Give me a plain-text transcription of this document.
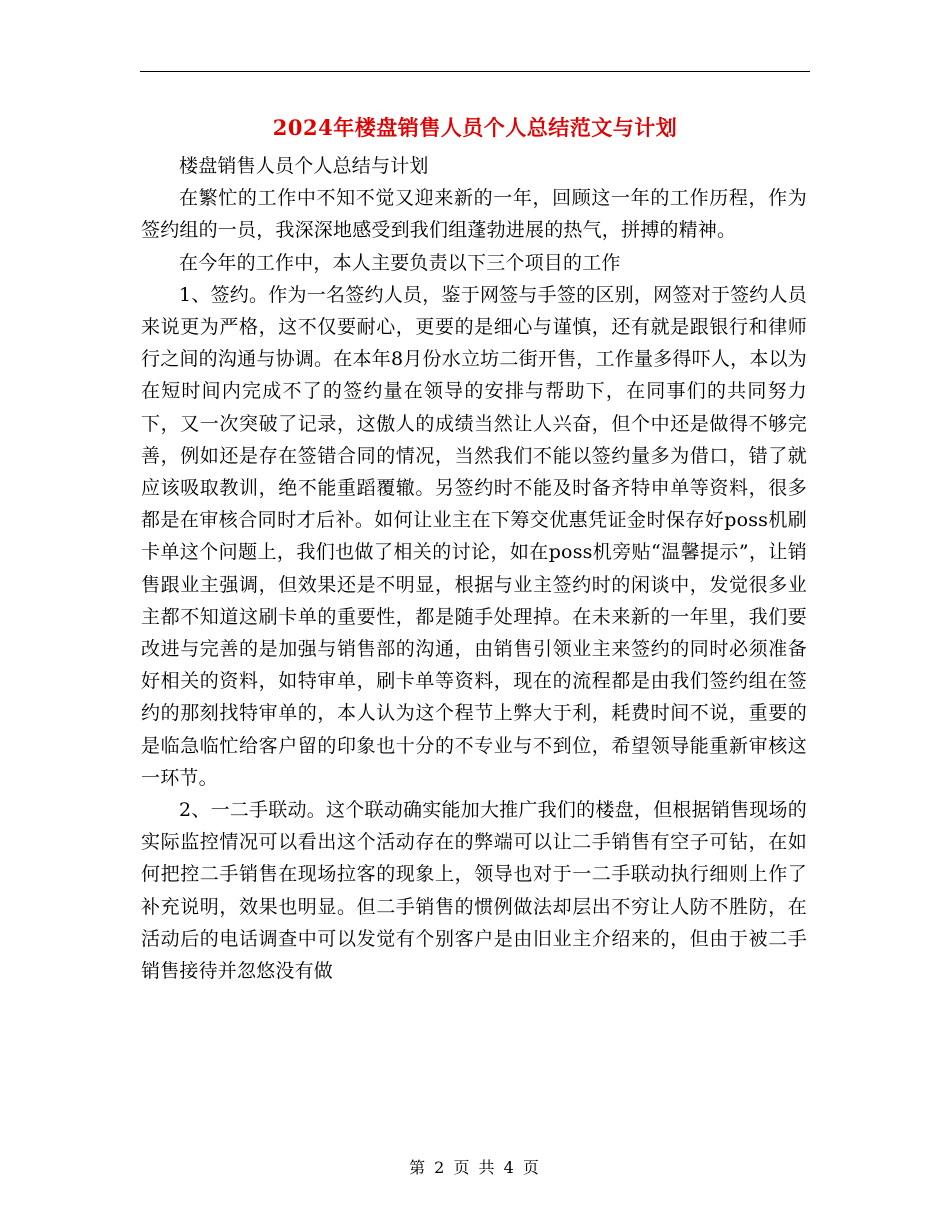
2024年楼盘销售人员个人总结范文与计划

楼盘销售人员个人总结与计划

在繁忙的工作中不知不觉又迎来新的一年，回顾这一年的工作历程，作为签约组的一员，我深深地感受到我们组蓬勃进展的热气，拼搏的精神。

在今年的工作中，本人主要负责以下三个项目的工作

1、签约。作为一名签约人员，鉴于网签与手签的区别，网签对于签约人员来说更为严格，这不仅要耐心，更要的是细心与谨慎，还有就是跟银行和律师行之间的沟通与协调。在本年8月份水立坊二街开售，工作量多得吓人，本以为在短时间内完成不了的签约量在领导的安排与帮助下，在同事们的共同努力下，又一次突破了记录，这傲人的成绩当然让人兴奋，但个中还是做得不够完善，例如还是存在签错合同的情况，当然我们不能以签约量多为借口，错了就应该吸取教训，绝不能重蹈覆辙。另签约时不能及时备齐特申单等资料，很多都是在审核合同时才后补。如何让业主在下筹交优惠凭证金时保存好poss机刷卡单这个问题上，我们也做了相关的讨论，如在poss机旁贴“温馨提示”，让销售跟业主强调，但效果还是不明显，根据与业主签约时的闲谈中，发觉很多业主都不知道这刷卡单的重要性，都是随手处理掉。在未来新的一年里，我们要改进与完善的是加强与销售部的沟通，由销售引领业主来签约的同时必须准备好相关的资料，如特审单，刷卡单等资料，现在的流程都是由我们签约组在签约的那刻找特审单的，本人认为这个程节上弊大于利，耗费时间不说，重要的是临急临忙给客户留的印象也十分的不专业与不到位，希望领导能重新审核这一环节。

2、一二手联动。这个联动确实能加大推广我们的楼盘，但根据销售现场的实际监控情况可以看出这个活动存在的弊端可以让二手销售有空子可钻，在如何把控二手销售在现场拉客的现象上，领导也对于一二手联动执行细则上作了补充说明，效果也明显。但二手销售的惯例做法却层出不穷让人防不胜防，在活动后的电话调查中可以发觉有个别客户是由旧业主介绍来的，但由于被二手销售接待并忽悠没有做

第 2 页 共 4 页
